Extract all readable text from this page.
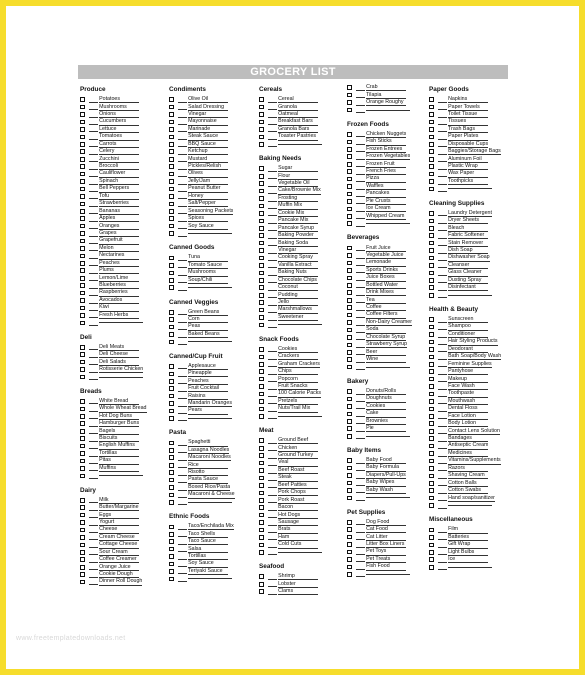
GROCERY LIST
Produce
Potatoes
Mushrooms
Onions
Cucumbers
Lettuce
Tomatoes
Carrots
Celery
Zucchini
Broccoli
Cauliflower
Spinach
Bell Peppers
Tofu
Strawberries
Bananas
Apples
Oranges
Grapes
Grapefruit
Melon
Nectarines
Peaches
Plums
Lemon/Lime
Blueberries
Raspberries
Avocados
Kiwi
Fresh Herbs
Deli
Deli Meats
Deli Cheese
Deli Salads
Rotisserie Chicken
Breads
White Bread
Whole Wheat Bread
Hot Dog Buns
Hamburger Buns
Bagels
Biscuits
English Muffins
Tortillas
Pitas
Muffins
Dairy
Milk
Butter/Margarine
Eggs
Yogurt
Cheese
Cream Cheese
Cottage Cheese
Sour Cream
Coffee Creamer
Orange Juice
Cookie Dough
Dinner Roll Dough
Condiments
Olive Oil
Salad Dressing
Vinegar
Mayonnaise
Marinade
Steak Sauce
BBQ Sauce
Ketchup
Mustard
Pickles/Relish
Olives
Jelly/Jam
Peanut Butter
Honey
Salt/Pepper
Seasoning Packets
Spices
Soy Sauce
Canned Goods
Tuna
Tomato Sauce
Mushrooms
Soup/Chili
Canned Veggies
Green Beans
Corn
Peas
Baked Beans
Canned/Cup Fruit
Applesauce
Pineapple
Peaches
Fruit Cocktail
Raisins
Mandarin Oranges
Pears
Pasta
Spaghetti
Lasagna Noodles
Macaroni Noodles
Rice
Risotto
Pasta Sauce
Boxed Rice/Pasta
Macaroni & Cheese
Ethnic Foods
Taco/Enchilada Mix
Taco Shells
Taco Sauce
Salsa
Tortillas
Soy Sauce
Teriyaki Sauce
Cereals
Cereal
Granola
Oatmeal
Breakfast Bars
Granola Bars
Toaster Pastries
Baking Needs
Sugar
Flour
Vegetable Oil
Cake/Brownie Mix
Frosting
Muffin Mix
Cookie Mix
Pancake Mix
Pancake Syrup
Baking Powder
Baking Soda
Vinegar
Cooking Spray
Vanilla Extract
Baking Nuts
Chocolate Chips
Coconut
Pudding
Jello
Marshmallows
Sweetener
Snack Foods
Cookies
Crackers
Graham Crackers
Chips
Popcorn
Fruit Snacks
100 Calorie Packs
Pretzels
Nuts/Trail Mix
Meat
Ground Beef
Chicken
Ground Turkey
Veal
Beef Roast
Steak
Beef Patties
Pork Chops
Pork Roast
Bacon
Hot Dogs
Sausage
Brats
Ham
Cold Cuts
Seafood
Shrimp
Lobster
Clams
Crab
Tilapia
Orange Roughy
Frozen Foods
Chicken Nuggets
Fish Sticks
Frozen Entrees
Frozen Vegetables
Frozen Fruit
French Fries
Pizza
Waffles
Pancakes
Pie Crusts
Ice Cream
Whipped Cream
Beverages
Fruit Juice
Vegetable Juice
Lemonade
Sports Drinks
Juice Boxes
Bottled Water
Drink Mixes
Tea
Coffee
Coffee Filters
Non-Dairy Creamer
Soda
Chocolate Syrup
Strawberry Syrup
Beer
Wine
Bakery
Donuts/Rolls
Doughnuts
Cookies
Cake
Brownies
Pie
Baby Items
Baby Food
Baby Formula
Diapers/Pull-Ups
Baby Wipes
Baby Wash
Pet Supplies
Dog Food
Cat Food
Cat Litter
Litter Box Liners
Pet Toys
Pet Treats
Fish Food
Paper Goods
Napkins
Paper Towels
Toilet Tissue
Tissues
Trash Bags
Paper Plates
Disposable Cups
Baggies/Storage Bags
Aluminum Foil
Plastic Wrap
Wax Paper
Toothpicks
Cleaning Supplies
Laundry Detergent
Dryer Sheets
Bleach
Fabric Softener
Stain Remover
Dish Soap
Dishwasher Soap
Cleanser
Glass Cleaner
Dusting Spray
Disinfectant
Health & Beauty
Sunscreen
Shampoo
Conditioner
Hair Styling Products
Deodorant
Bath Soap/Body Wash
Feminine Supplies
Pantyhose
Makeup
Face Wash
Toothpaste
Mouthwash
Dental Floss
Face Lotion
Body Lotion
Contact Lens Solution
Bandages
Antiseptic Cream
Medicines
Vitamins/Supplements
Razors
Shaving Cream
Cotton Balls
Cotton Swabs
Hand soap/sanitizer
Miscellaneous
Film
Batteries
Gift Wrap
Light Bulbs
Ice
www.freetemplatedownloads.net
